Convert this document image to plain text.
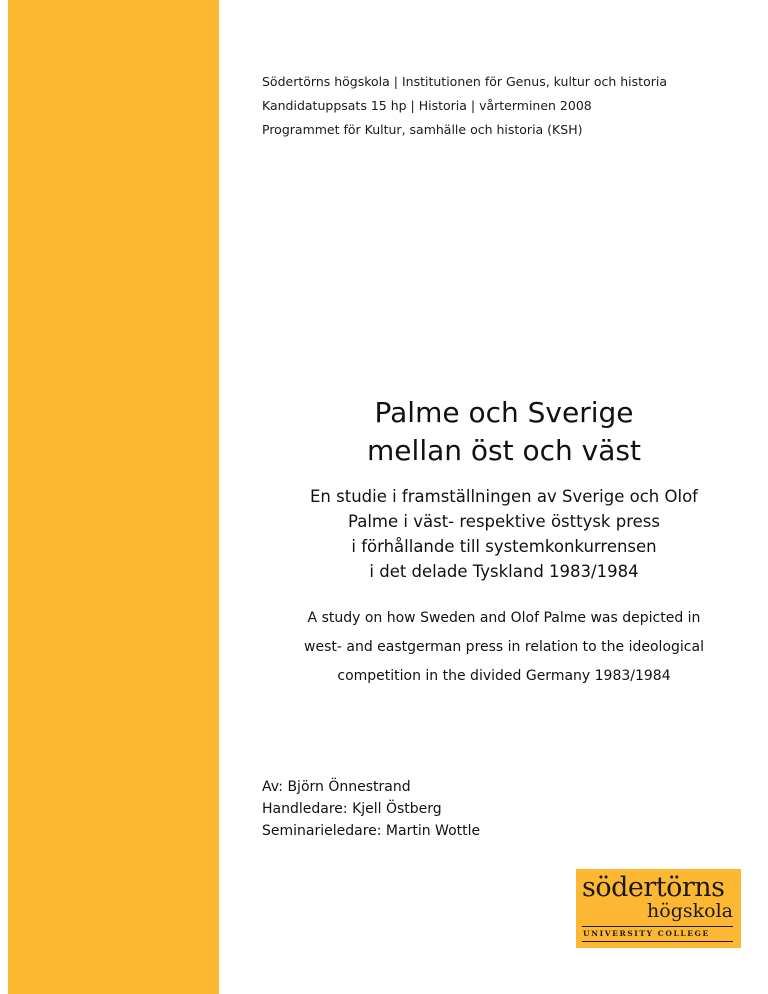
Södertörns högskola | Institutionen för Genus, kultur och historia
Kandidatuppsats 15 hp | Historia | vårterminen 2008
Programmet för Kultur, samhälle och historia (KSH)
Palme och Sverige
mellan öst och väst
En studie i framställningen av Sverige och Olof
Palme i väst- respektive östtysk press
i förhållande till systemkonkurrensen
i det delade Tyskland 1983/1984
A study on how Sweden and Olof Palme was depicted in
west- and eastgerman press in relation to the ideological
competition in the divided Germany 1983/1984
Av: Björn Önnestrand
Handledare: Kjell Östberg
Seminarieledare: Martin Wottle
södertörns
högskola
UNIVERSITY COLLEGE
